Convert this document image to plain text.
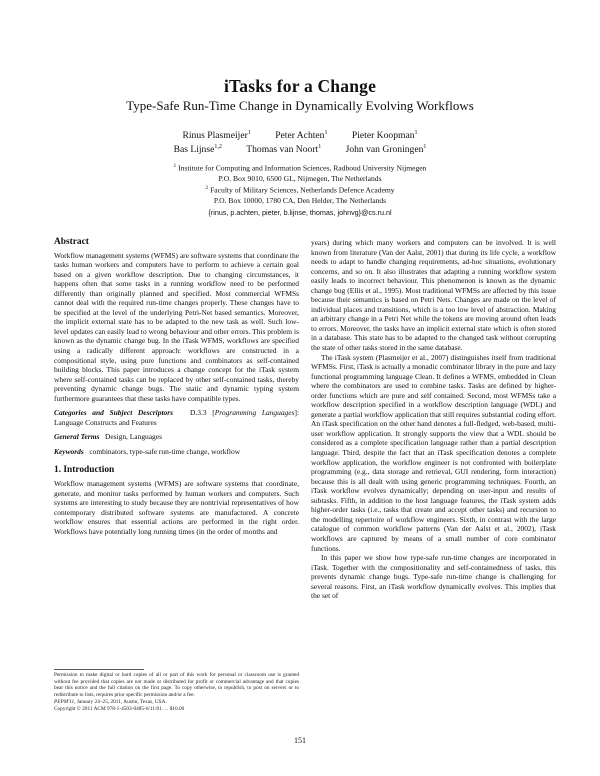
iTasks for a Change
Type-Safe Run-Time Change in Dynamically Evolving Workflows
Rinus Plasmeijer$^1$	Peter Achten$^1$	Pieter Koopman$^1$
Bas Lijnse$^{1,2}$	Thomas van Noort$^1$	John van Groningen$^1$
$^1$ Institute for Computing and Information Sciences, Radboud University Nijmegen
P.O. Box 9010, 6500 GL, Nijmegen, The Netherlands
$^2$ Faculty of Military Sciences, Netherlands Defence Academy
P.O. Box 10000, 1780 CA, Den Helder, The Netherlands
{rinus, p.achten, pieter, b.lijnse, thomas, johnvg}@cs.ru.nl
Abstract

Workflow management systems (WFMS) are software systems that coordinate the tasks human workers and computers have to perform to achieve a certain goal based on a given workflow description. Due to changing circumstances, it happens often that some tasks in a running workflow need to be performed differently than originally planned and specified. Most commercial WFMSs cannot deal with the required run-time changes properly. These changes have to be specified at the level of the underlying Petri-Net based semantics. Moreover, the implicit external state has to be adapted to the new task as well. Such low-level updates can easily lead to wrong behaviour and other errors. This problem is known as the dynamic change bug. In the iTask WFMS, workflows are specified using a radically different approach: workflows are constructed in a compositional style, using pure functions and combinators as self-contained building blocks. This paper introduces a change concept for the iTask system where self-contained tasks can be replaced by other self-contained tasks, thereby preventing dynamic change bugs. The static and dynamic typing system furthermore guarantees that these tasks have compatible types.

Categories and Subject Descriptors D.3.3 [Programming Languages]: Language Constructs and Features

General Terms Design, Languages

Keywords combinators, type-safe run-time change, workflow

1. Introduction

Workflow management systems (WFMS) are software systems that coordinate, generate, and monitor tasks performed by human workers and computers. Such systems are interesting to study because they are nontrivial representatives of how contemporary distributed software systems are manufactured. A concrete workflow ensures that essential actions are performed in the right order. Workflows have potentially long running times (in the order of months and

Permission to make digital or hard copies of all or part of this work for personal or classroom use is granted without fee provided that copies are not made or distributed for profit or commercial advantage and that copies bear this notice and the full citation on the first page. To copy otherwise, to republish, to post on servers or to redistribute to lists, requires prior specific permission and/or a fee.
PEPM'11, January 24–25, 2011, Austin, Texas, USA.
Copyright © 2011 ACM 978-1-4503-0485-6/11/01. . . $10.00

years) during which many workers and computers can be involved. It is well known from literature (Van der Aalst, 2001) that during its life cycle, a workflow needs to adapt to handle changing requirements, ad-hoc situations, evolutionary concerns, and so on. It also illustrates that adapting a running workflow system easily leads to incorrect behaviour. This phenomenon is known as the dynamic change bug (Ellis et al., 1995). Most traditional WFMSs are affected by this issue because their semantics is based on Petri Nets. Changes are made on the level of individual places and transitions, which is a too low level of abstraction. Making an arbitrary change in a Petri Net while the tokens are moving around often leads to errors. Moreover, the tasks have an implicit external state which is often stored in a database. This state has to be adapted to the changed task without corrupting the state of other tasks stored in the same database.

The iTask system (Plasmeijer et al., 2007) distinguishes itself from traditional WFMSs. First, iTask is actually a monadic combinator library in the pure and lazy functional programming language Clean. It defines a WFMS, embedded in Clean where the combinators are used to combine tasks. Tasks are defined by higher-order functions which are pure and self contained. Second, most WFMSs take a workflow description specified in a workflow description language (WDL) and generate a partial workflow application that still requires substantial coding effort. An iTask specification on the other hand denotes a full-fledged, web-based, multi-user workflow application. It strongly supports the view that a WDL should be considered as a complete specification language rather than a partial description language. Third, despite the fact that an iTask specification denotes a complete workflow application, the workflow engineer is not confronted with boilerplate programming (e.g., data storage and retrieval, GUI rendering, form interaction) because this is all dealt with using generic programming techniques. Fourth, an iTask workflow evolves dynamically; depending on user-input and results of subtasks. Fifth, in addition to the host language features, the iTask system adds higher-order tasks (i.e., tasks that create and accept other tasks) and recursion to the modelling repertoire of workflow engineers. Sixth, in contrast with the large catalogue of common workflow patterns (Van der Aalst et al., 2002), iTask workflows are captured by means of a small number of core combinator functions.

In this paper we show how type-safe run-time changes are incorporated in iTask. Together with the compositionality and self-containedness of tasks, this prevents dynamic change bugs. Type-safe run-time change is challenging for several reasons. First, an iTask workflow dynamically evolves. This implies that the set of

151
